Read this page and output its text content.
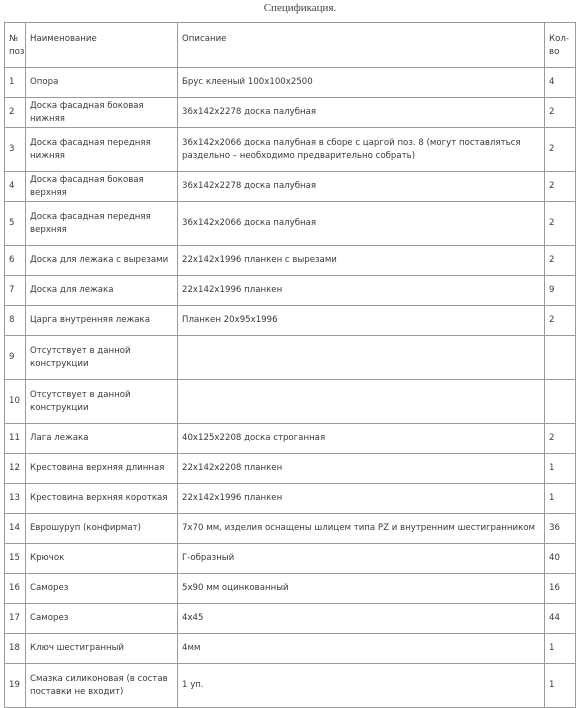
Спецификация.
№ поз	Наименование	Описание	Кол-во
1	Опора	Брус клееный 100х100х2500	4
2	Доска фасадная боковая нижняя	36х142х2278 доска палубная	2
3	Доска фасадная передняя нижняя	36х142х2066 доска палубная в сборе с царгой поз. 8 (могут поставляться раздельно – необходимо предварительно собрать)	2
4	Доска фасадная боковая верхняя	36х142х2278 доска палубная	2
5	Доска фасадная передняя верхняя	36х142х2066 доска палубная	2
6	Доска для лежака с вырезами	22х142х1996 планкен с вырезами	2
7	Доска для лежака	22х142х1996 планкен	9
8	Царга внутренняя лежака	Планкен 20х95х1996	2
9	Отсутствует в данной конструкции		
10	Отсутствует в данной конструкции		
11	Лага лежака	40х125х2208 доска строганная	2
12	Крестовина верхняя длинная	22х142х2208 планкен	1
13	Крестовина верхняя короткая	22х142х1996 планкен	1
14	Еврошуруп (конфирмат)	7х70 мм, изделия оснащены шлицем типа PZ и внутренним шестигранником	36
15	Крючок	Г-образный	40
16	Саморез	5х90 мм оцинкованный	16
17	Саморез	4х45	44
18	Ключ шестигранный	4мм	1
19	Смазка силиконовая (в состав поставки не входит)	1 уп.	1
